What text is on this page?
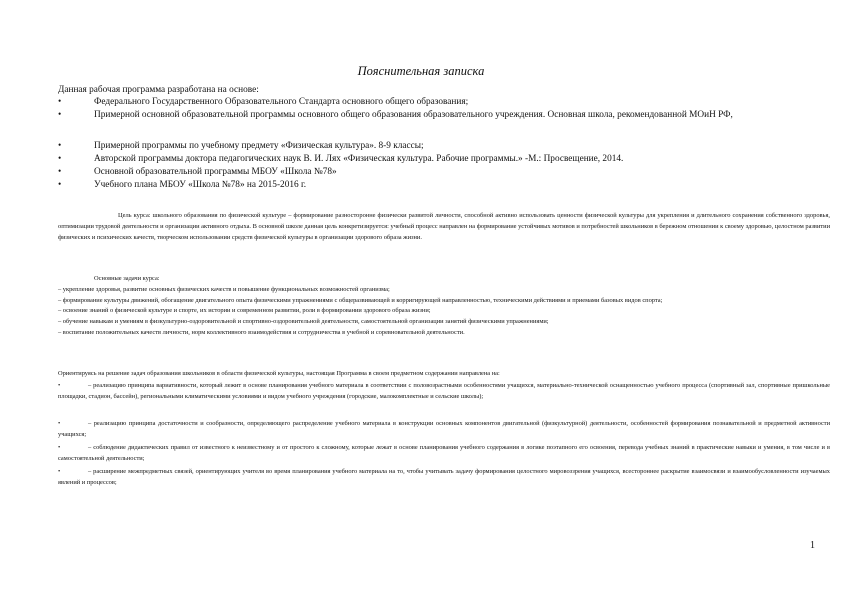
Пояснительная записка
Данная рабочая программа разработана на основе:
•	Федерального Государственного Образовательного Стандарта основного общего образования;
•	Примерной основной образовательной программы основного общего образования образовательного учреждения. Основная школа, рекомендованной МОиН РФ,
•	Примерной программы по учебному предмету «Физическая культура». 8-9 классы;
•	Авторской программы доктора педагогических наук В. И. Лях «Физическая культура. Рабочие программы.» -М.: Просвещение, 2014.
•	Основной образовательной программы МБОУ «Школа №78»
•	Учебного плана МБОУ «Школа №78» на 2015-2016 г.
Цель курса: школьного образования по физической культуре – формирование разносторонне физически развитой личности, способной активно использовать ценности физической культуры для укрепления и длительного сохранения собственного здоровья, оптимизации трудовой деятельности и организации активного отдыха. В основной школе данная цель конкретизируется: учебный процесс направлен на формирование устойчивых мотивов и потребностей школьников в бережном отношении к своему здоровью, целостном развитии физических и психических качеств, творческом использовании средств физической культуры в организации здорового образа жизни.
Основные задачи курса:
– укрепление здоровья, развитие основных физических качеств и повышение функциональных возможностей организма;
– формирование культуры движений, обогащение двигательного опыта физическими упражнениями с общеразвивающей и корригирующей направленностью, техническими действиями и приемами базовых видов спорта;
– освоение знаний о физической культуре и спорте, их истории и современном развитии, роли в формировании здорового образа жизни;
– обучение навыкам и умениям в физкультурно-оздоровительной и спортивно-оздоровительной деятельности, самостоятельной организации занятий физическими упражнениями;
– воспитание положительных качеств личности, норм коллективного взаимодействия и сотрудничества в учебной и соревновательной деятельности.
Ориентируясь на решение задач образования школьников в области физической культуры, настоящая Программа в своем предметном содержании направлена на:
•	– реализацию принципа вариативности, который лежит в основе планирования учебного материала в соответствии с половозрастными особенностями учащихся, материально-технической оснащенностью учебного процесса (спортивный зал, спортивные пришкольные площадки, стадион, бассейн), региональными климатическими условиями и видом учебного учреждения (городские, малокомплектные и сельские школы);
•	– реализацию принципа достаточности и сообразности, определяющего распределение учебного материала в конструкции основных компонентов двигательной (физкультурной) деятельности, особенностей формирования познавательной и предметной активности учащихся;
•	– соблюдение дидактических правил от известного к неизвестному и от простого к сложному, которые лежат в основе планирования учебного содержания в логике поэтапного его освоения, перевода учебных знаний в практические навыки и умения, в том числе и в самостоятельной деятельности;
•	– расширение межпредметных связей, ориентирующих учителя во время планирования учебного материала на то, чтобы учитывать задачу формирования целостного мировоззрения учащихся, всестороннее раскрытие взаимосвязи и взаимообусловленности изучаемых явлений и процессов;
1
